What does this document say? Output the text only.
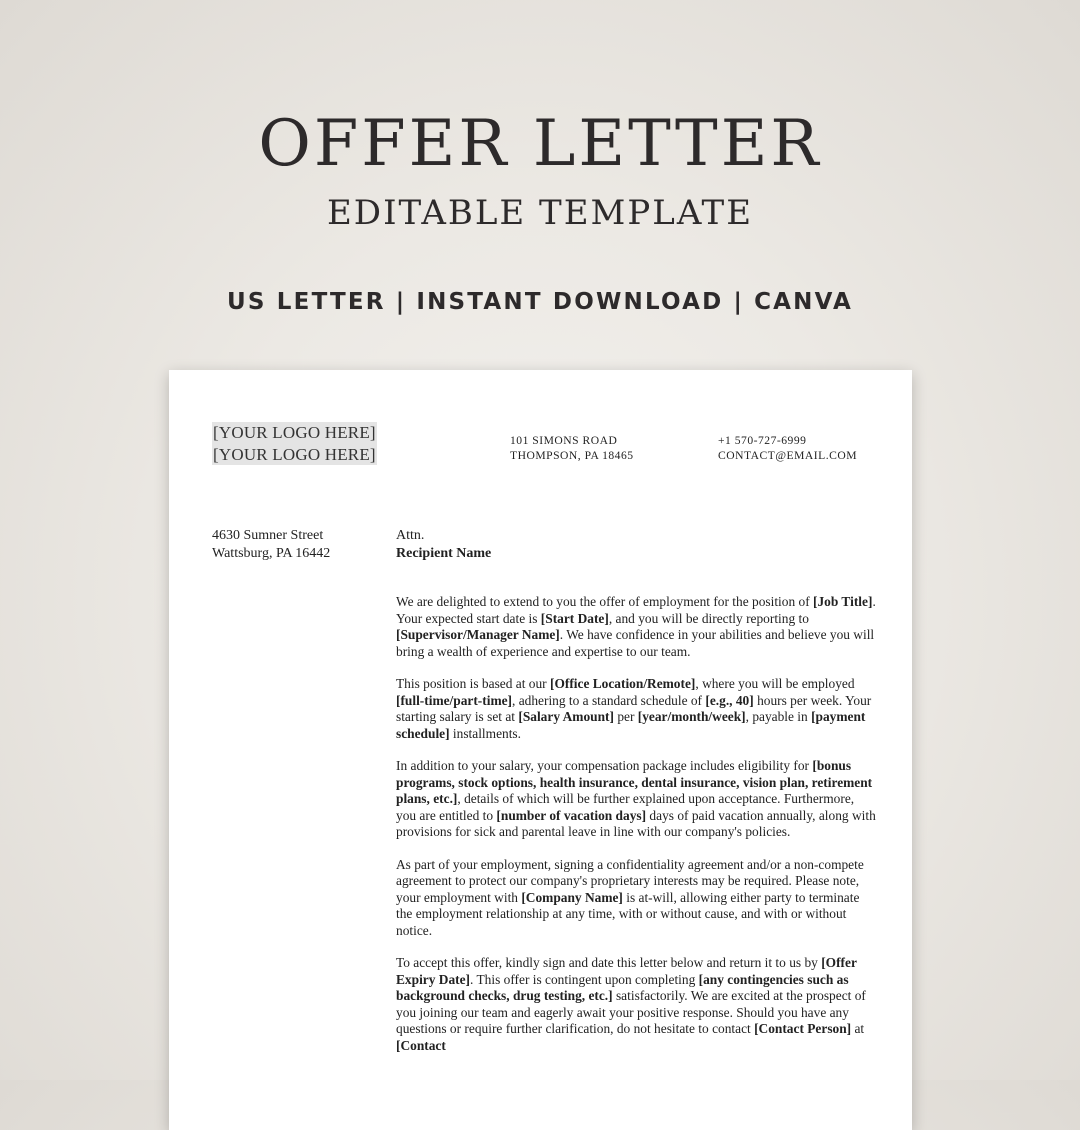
OFFER LETTER
EDITABLE TEMPLATE
US LETTER | INSTANT DOWNLOAD | CANVA
[YOUR LOGO HERE]
[YOUR LOGO HERE]
101 SIMONS ROAD
THOMPSON, PA 18465
+1 570-727-6999
CONTACT@EMAIL.COM
4630 Sumner Street
Wattsburg, PA 16442
Attn.
Recipient Name

We are delighted to extend to you the offer of employment for the position of [Job Title]. Your expected start date is [Start Date], and you will be directly reporting to [Supervisor/Manager Name]. We have confidence in your abilities and believe you will bring a wealth of experience and expertise to our team.

This position is based at our [Office Location/Remote], where you will be employed [full-time/part-time], adhering to a standard schedule of [e.g., 40] hours per week. Your starting salary is set at [Salary Amount] per [year/month/week], payable in [payment schedule] installments.

In addition to your salary, your compensation package includes eligibility for [bonus programs, stock options, health insurance, dental insurance, vision plan, retirement plans, etc.], details of which will be further explained upon acceptance. Furthermore, you are entitled to [number of vacation days] days of paid vacation annually, along with provisions for sick and parental leave in line with our company's policies.

As part of your employment, signing a confidentiality agreement and/or a non-compete agreement to protect our company's proprietary interests may be required. Please note, your employment with [Company Name] is at-will, allowing either party to terminate the employment relationship at any time, with or without cause, and with or without notice.

To accept this offer, kindly sign and date this letter below and return it to us by [Offer Expiry Date]. This offer is contingent upon completing [any contingencies such as background checks, drug testing, etc.] satisfactorily. We are excited at the prospect of you joining our team and eagerly await your positive response. Should you have any questions or require further clarification, do not hesitate to contact [Contact Person] at [Contact
